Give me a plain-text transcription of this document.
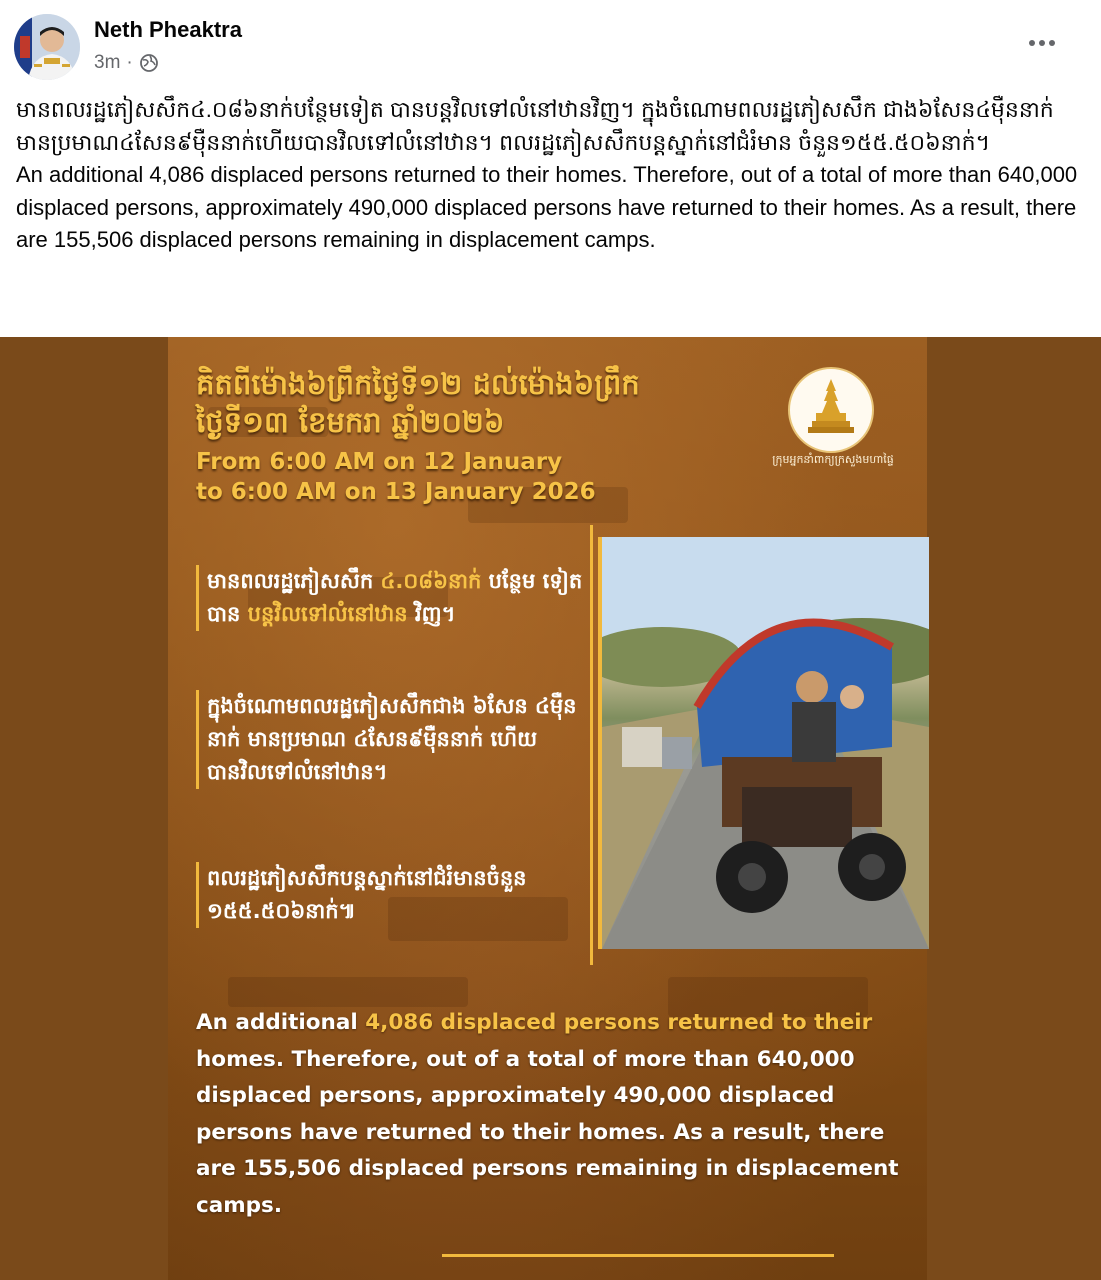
Neth Pheaktra
3m ·

មានពលរដ្ឋភៀសសឹក៤.០៨៦នាក់បន្ថែមទៀត បានបន្តវិលទៅលំនៅឋានវិញ។ ក្នុងចំណោមពលរដ្ឋភៀសសឹក ជាង៦សែន៤ម៉ឺននាក់ មានប្រមាណ៤សែន៩ម៉ឺននាក់ហើយបានវិលទៅលំនៅឋាន។ ពលរដ្ឋភៀសសឹកបន្តស្នាក់នៅជំរំមាន ចំនួន១៥៥.៥០៦នាក់។

An additional 4,086 displaced persons returned to their homes. Therefore, out of a total of more than 640,000 displaced persons, approximately 490,000 displaced persons have returned to their homes. As a result, there are 155,506 displaced persons remaining in displacement camps.

គិតពីម៉ោង៦ព្រឹកថ្ងៃទី១២ ដល់ម៉ោង៦ព្រឹក
ថ្ងៃទី១៣ ខែមករា ឆ្នាំ២០២៦
From 6:00 AM on 12 January
to 6:00 AM on 13 January 2026
ក្រុមអ្នកនាំពាក្យក្រសួងមហាផ្ទៃ
មានពលរដ្ឋភៀសសឹក ៤.០៨៦នាក់ បន្ថែម ទៀតបាន បន្តវិលទៅលំនៅឋាន វិញ។
ក្នុងចំណោមពលរដ្ឋភៀសសឹកជាង ៦សែន ៤ម៉ឺននាក់ មានប្រមាណ ៤សែន៩ម៉ឺននាក់ ហើយបានវិលទៅលំនៅឋាន។
ពលរដ្ឋភៀសសឹកបន្តស្នាក់នៅជំរំមានចំនួន ១៥៥.៥០៦នាក់៕
An additional 4,086 displaced persons returned to their homes. Therefore, out of a total of more than 640,000 displaced persons, approximately 490,000 displaced persons have returned to their homes. As a result, there are 155,506 displaced persons remaining in displacement camps.
